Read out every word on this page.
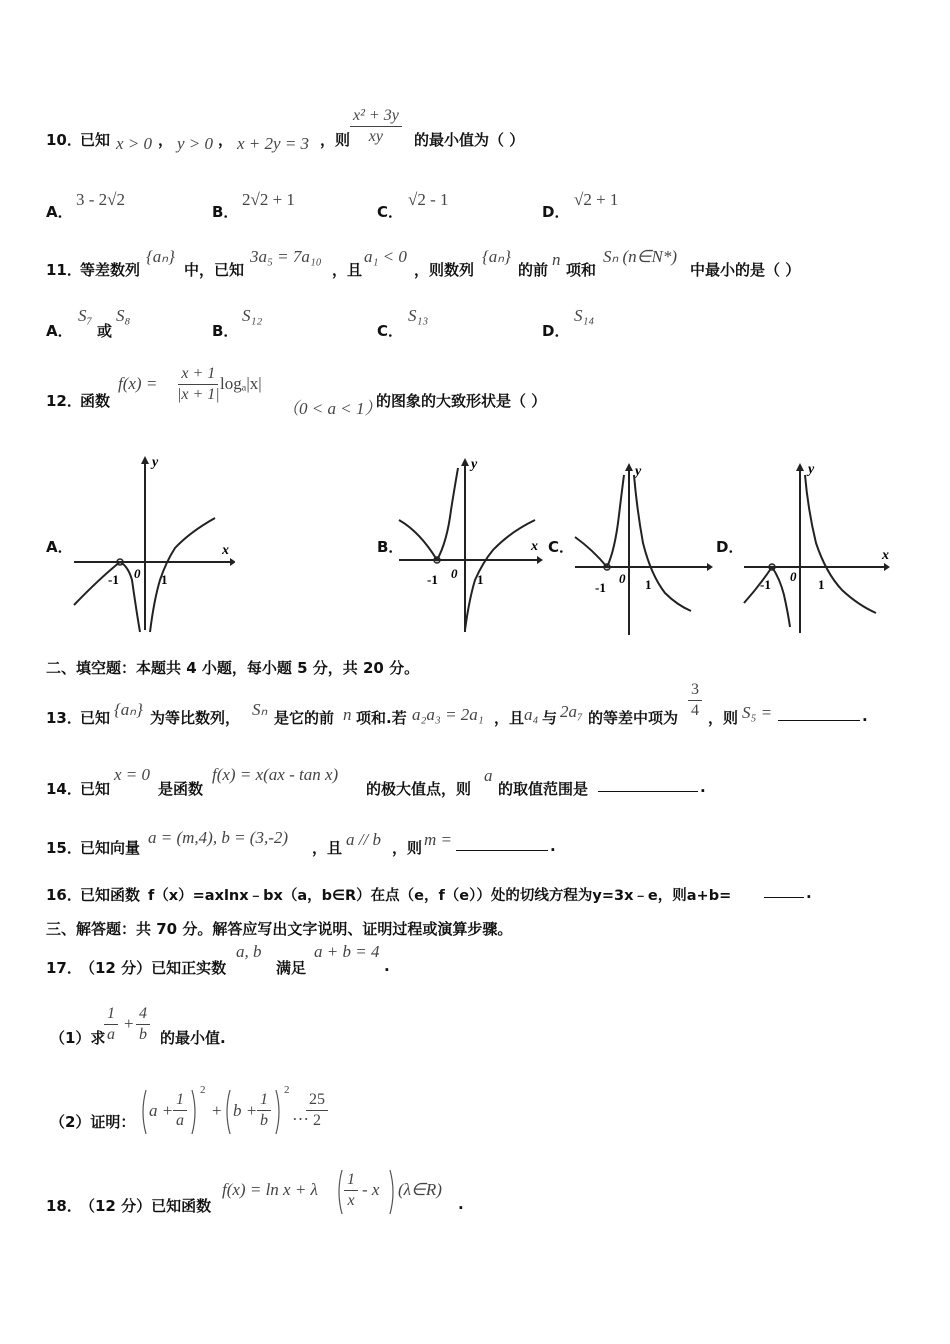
10．
已知 x > 0 ， y > 0 ， x + 2y = 3 ，则 $\frac{\text{x² + 3y}}{xy}$ 的最小值为（ ）
A．
3 - 2√2
B．
2√2 + 1
C．
√2 - 1
D．
√2 + 1
11．
等差数列
{aₙ}
中，已知
3a₅ = 7a₁₀
，且
a₁ < 0
，则数列
{aₙ}
的前
n
项和
Sₙ (n∈N*)
中最小的是（ ）
A．
S₇
或
S₈
B．
S₁₂
C．
S₁₃
D．
S₁₄
12．
函数
$f(x) = \frac{x + 1}{|x + 1|}$
logₐ|x|
（0 < a < 1）
的图象的大致形状是（ ）
A．	B．	C．	D．
y
x
-1 0 1
y
x
-1 0 1
y
-1
0 1
y
x
-1
0
1
二、填空题：本题共 4 小题，每小题 5 分，共 20 分。
13．
已知 {aₙ} 为等比数列， Sₙ 是它的前 n 项和.若 a₂a₃ = 2a₁ ，且 a₄ 与 2a₇ 的等差中项为 $\frac{3}{4}$ ，则 S₅ =	.
14．
已知
x = 0
是函数
f(x) = x(ax - tan x)
的极大值点，则
a
的取值范围是	.
15．
已知向量
a = (m,4), b = (3,-2)
，且 a // b ，则 m =	.
16．
已知函数 f（x）=axlnx﹣bx（a，b∈R）在点（e，f（e））处的切线方程为y=3x﹣e，则a+b=	.
三、解答题：共 70 分。解答应写出文字说明、证明过程或演算步骤。
17．
（12 分）已知正实数
a, b
满足
a + b = 4
.
（1）求
$\frac{1}{a} + \frac{4}{b}$ 的最小值.
（2）证明：
$a + \frac{1}{a} 2$
+ $b + \frac{1}{b} 2$
…
$\frac{25}{2}$
18．
（12 分）已知函数
f(x) = ln x + λ $\frac{1}{x}$ - x (λ∈R)
.
